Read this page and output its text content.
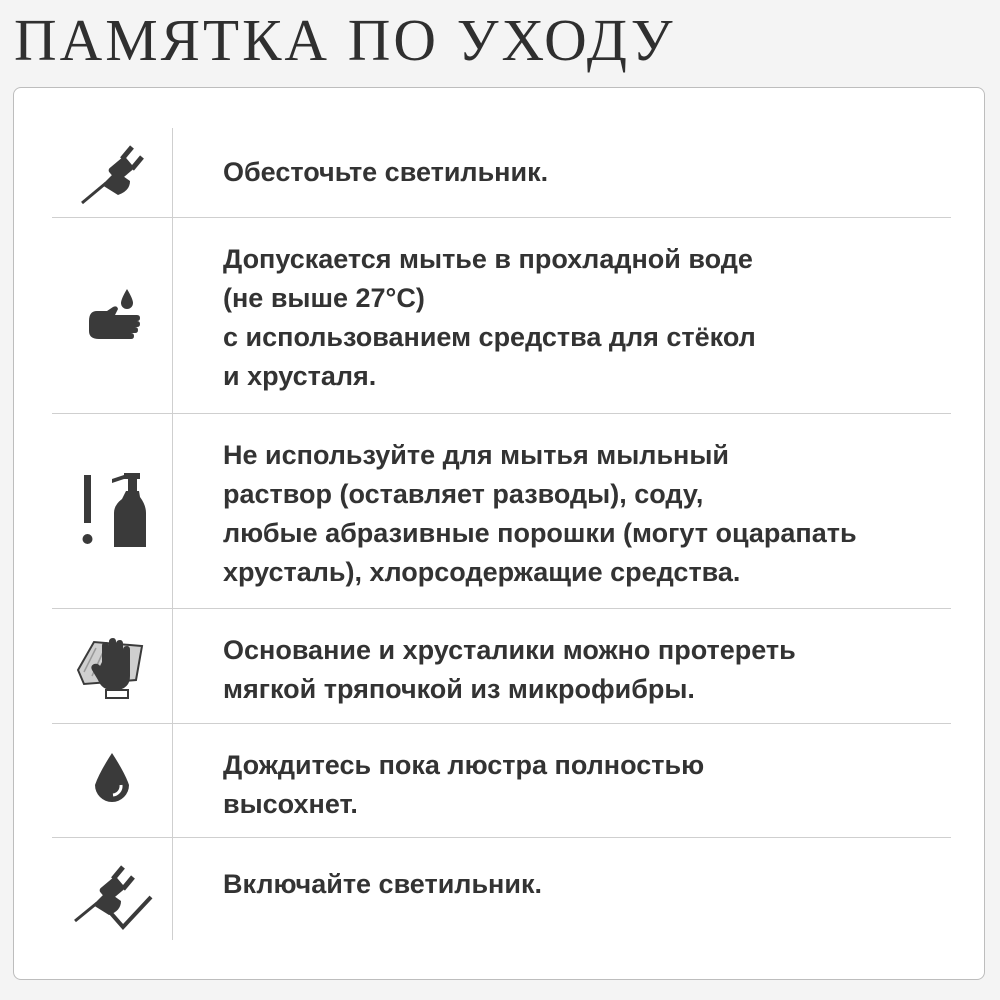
ПАМЯТКА ПО УХОДУ

Обесточьте светильник.

Допускается мытье в прохладной воде
(не выше 27°С)
с использованием средства для стёкол
и хрусталя.

Не используйте для мытья мыльный
раствор (оставляет разводы), соду,
любые абразивные порошки (могут оцарапать
хрусталь), хлорсодержащие средства.

Основание и хрусталики можно протереть
мягкой тряпочкой из микрофибры.

Дождитесь пока люстра полностью
высохнет.

Включайте светильник.
